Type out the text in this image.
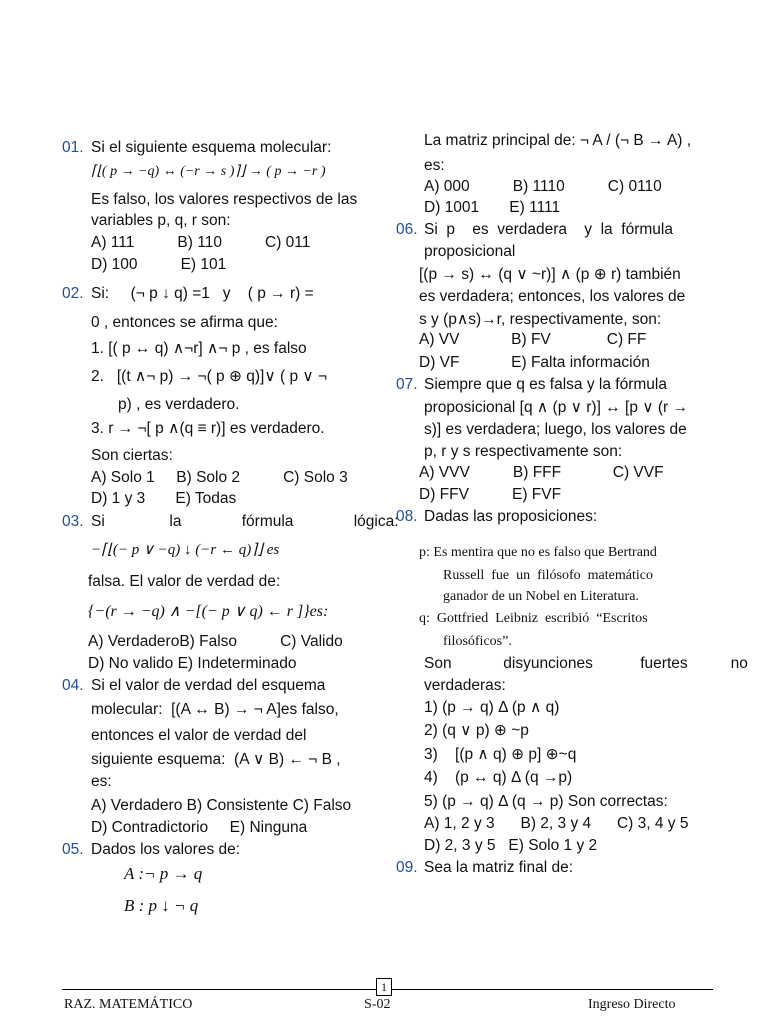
01. Si el siguiente esquema molecular:
⌈⌊( p → −q) ↔ (−r → s )⌉⌋ → ( p → −r )
Es falso, los valores respectivos de las
variables p, q, r son:
A) 111          B) 110          C) 011
D) 100          E) 101
02. Si:     (¬ p ↓ q) =1   y    ( p → r) =
0 , entonces se afirma que:
1. [( p ↔ q) ∧¬r] ∧¬ p , es falso
2.   [(t ∧¬ p) → ¬( p ⊕ q)]∨ ( p ∨ ¬
p) , es verdadero.
3. r → ¬[ p ∧(q ≡ r)] es verdadero.
Son ciertas:
A) Solo 1     B) Solo 2          C) Solo 3
D) 1 y 3       E) Todas
03. Si               la              fórmula              lógica:
−⌈⌊(− p ∨ −q) ↓ (−r ← q)⌉⌋ es
falsa. El valor de verdad de:
{−(r → −q) ∧ −[(− p ∨ q) ← r ]}es:
A) VerdaderoB) Falso          C) Valido
D) No valido E) Indeterminado
04. Si el valor de verdad del esquema
molecular:  [(A ↔ B) → ¬ A]es falso,
entonces el valor de verdad del
siguiente esquema:  (A ∨ B) ← ¬ B ,
es:
A) Verdadero B) Consistente C) Falso
D) Contradictorio     E) Ninguna
05. Dados los valores de:
A :¬ p → q
B : p ↓ ¬ q
La matriz principal de: ¬ A / (¬ B → A) ,
es:
A) 000          B) 1110          C) 0110
D) 1001       E) 1111
06. Si  p    es  verdadera    y  la  fórmula
proposicional
[(p → s) ↔ (q ∨ ~r)] ∧ (p ⊕ r) también
es verdadera; entonces, los valores de
s y (p∧s)→r, respectivamente, son:
A) VV            B) FV             C) FF
D) VF            E) Falta información
07. Siempre que q es falsa y la fórmula
proposicional [q ∧ (p ∨ r)] ↔ [p ∨ (r →
s)] es verdadera; luego, los valores de
p, r y s respectivamente son:
A) VVV          B) FFF            C) VVF
D) FFV          E) FVF
08. Dadas las proposiciones:
p: Es mentira que no es falso que Bertrand
Russell  fue  un  filósofo  matemático
ganador de un Nobel en Literatura.
q:  Gottfried  Leibniz  escribió  “Escritos
filosóficos”.
Son            disyunciones           fuertes          no
verdaderas:
1) (p → q) Δ (p ∧ q)
2) (q ∨ p) ⊕ ~p
3)    [(p ∧ q) ⊕ p] ⊕~q
4)    (p ↔ q) Δ (q →p)
5) (p → q) Δ (q → p) Son correctas:
A) 1, 2 y 3      B) 2, 3 y 4      C) 3, 4 y 5
D) 2, 3 y 5   E) Solo 1 y 2
09. Sea la matriz final de:
1
RAZ. MATEMÁTICO	S-02	Ingreso Directo
